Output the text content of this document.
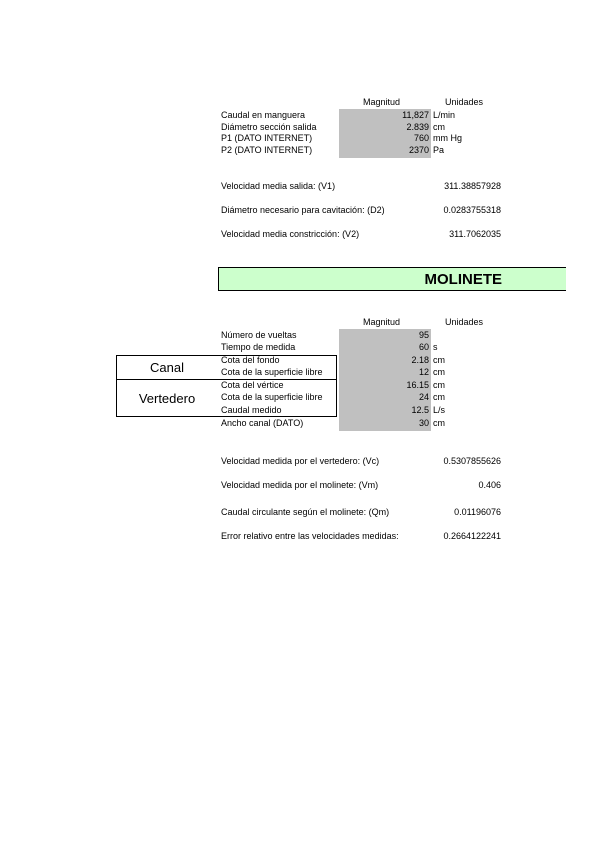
Magnitud	Unidades
Caudal en manguera	11,827 L/min
Diámetro sección salida	2.839 cm
P1 (DATO INTERNET)	760 mm Hg
P2 (DATO INTERNET)	2370 Pa
Velocidad media salida: (V1)	311.38857928
Diámetro necesario para cavitación: (D2)	0.0283755318
Velocidad media constricción: (V2)	311.7062035
MOLINETE
Magnitud	Unidades
Canal
Vertedero
Número de vueltas	95
Tiempo de medida	60 s
Cota del fondo	2.18 cm
Cota de la superficie libre	12 cm
Cota del vértice	16.15 cm
Cota de la superficie libre	24 cm
Caudal medido	12.5 L/s
Ancho canal (DATO)	30 cm
Velocidad medida por el vertedero: (Vc)	0.5307855626
Velocidad medida por el molinete: (Vm)	0.406
Caudal circulante según el molinete: (Qm)	0.01196076
Error relativo entre las velocidades medidas:	0.2664122241
